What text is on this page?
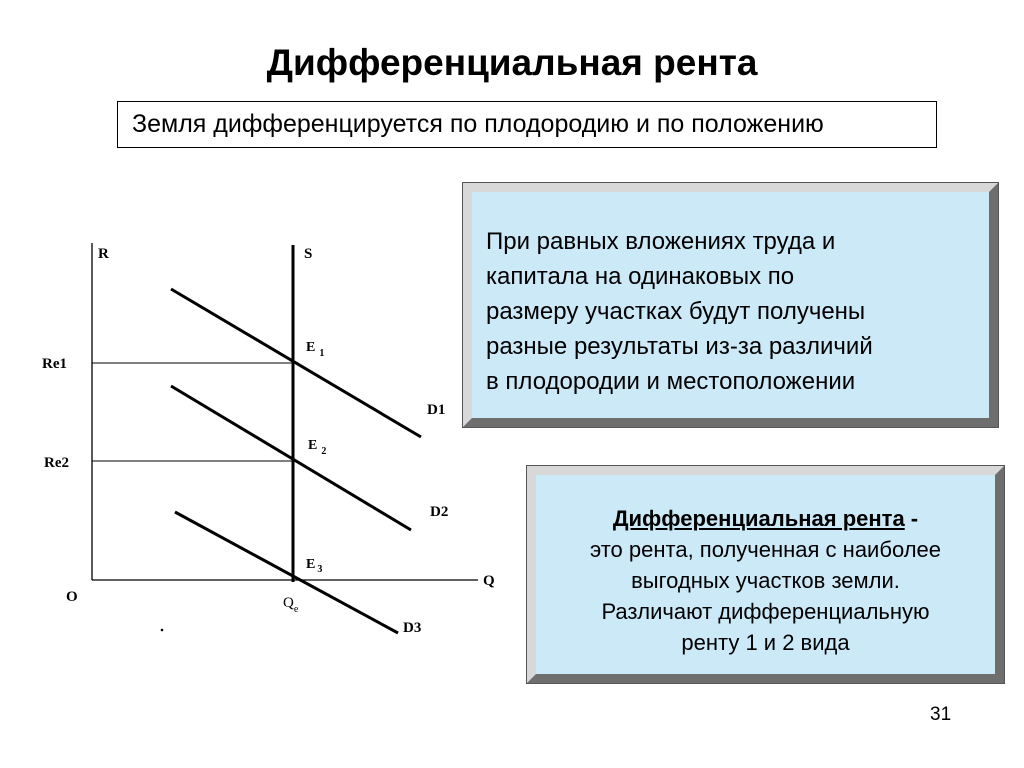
Дифференциальная рента
Земля дифференцируется по плодородию и по положению
R	S
Re1
Re2
O
Q
E $_1$
E $_2$
E $_3$
D1
D2
D3
$Q_e$
При равных вложениях труда и
капитала на одинаковых по
размеру участках будут получены
разные результаты из-за различий
в плодородии и местоположении
Дифференциальная рента -
это рента, полученная с наиболее
выгодных участков земли.
Различают дифференциальную
ренту 1 и 2 вида
31
